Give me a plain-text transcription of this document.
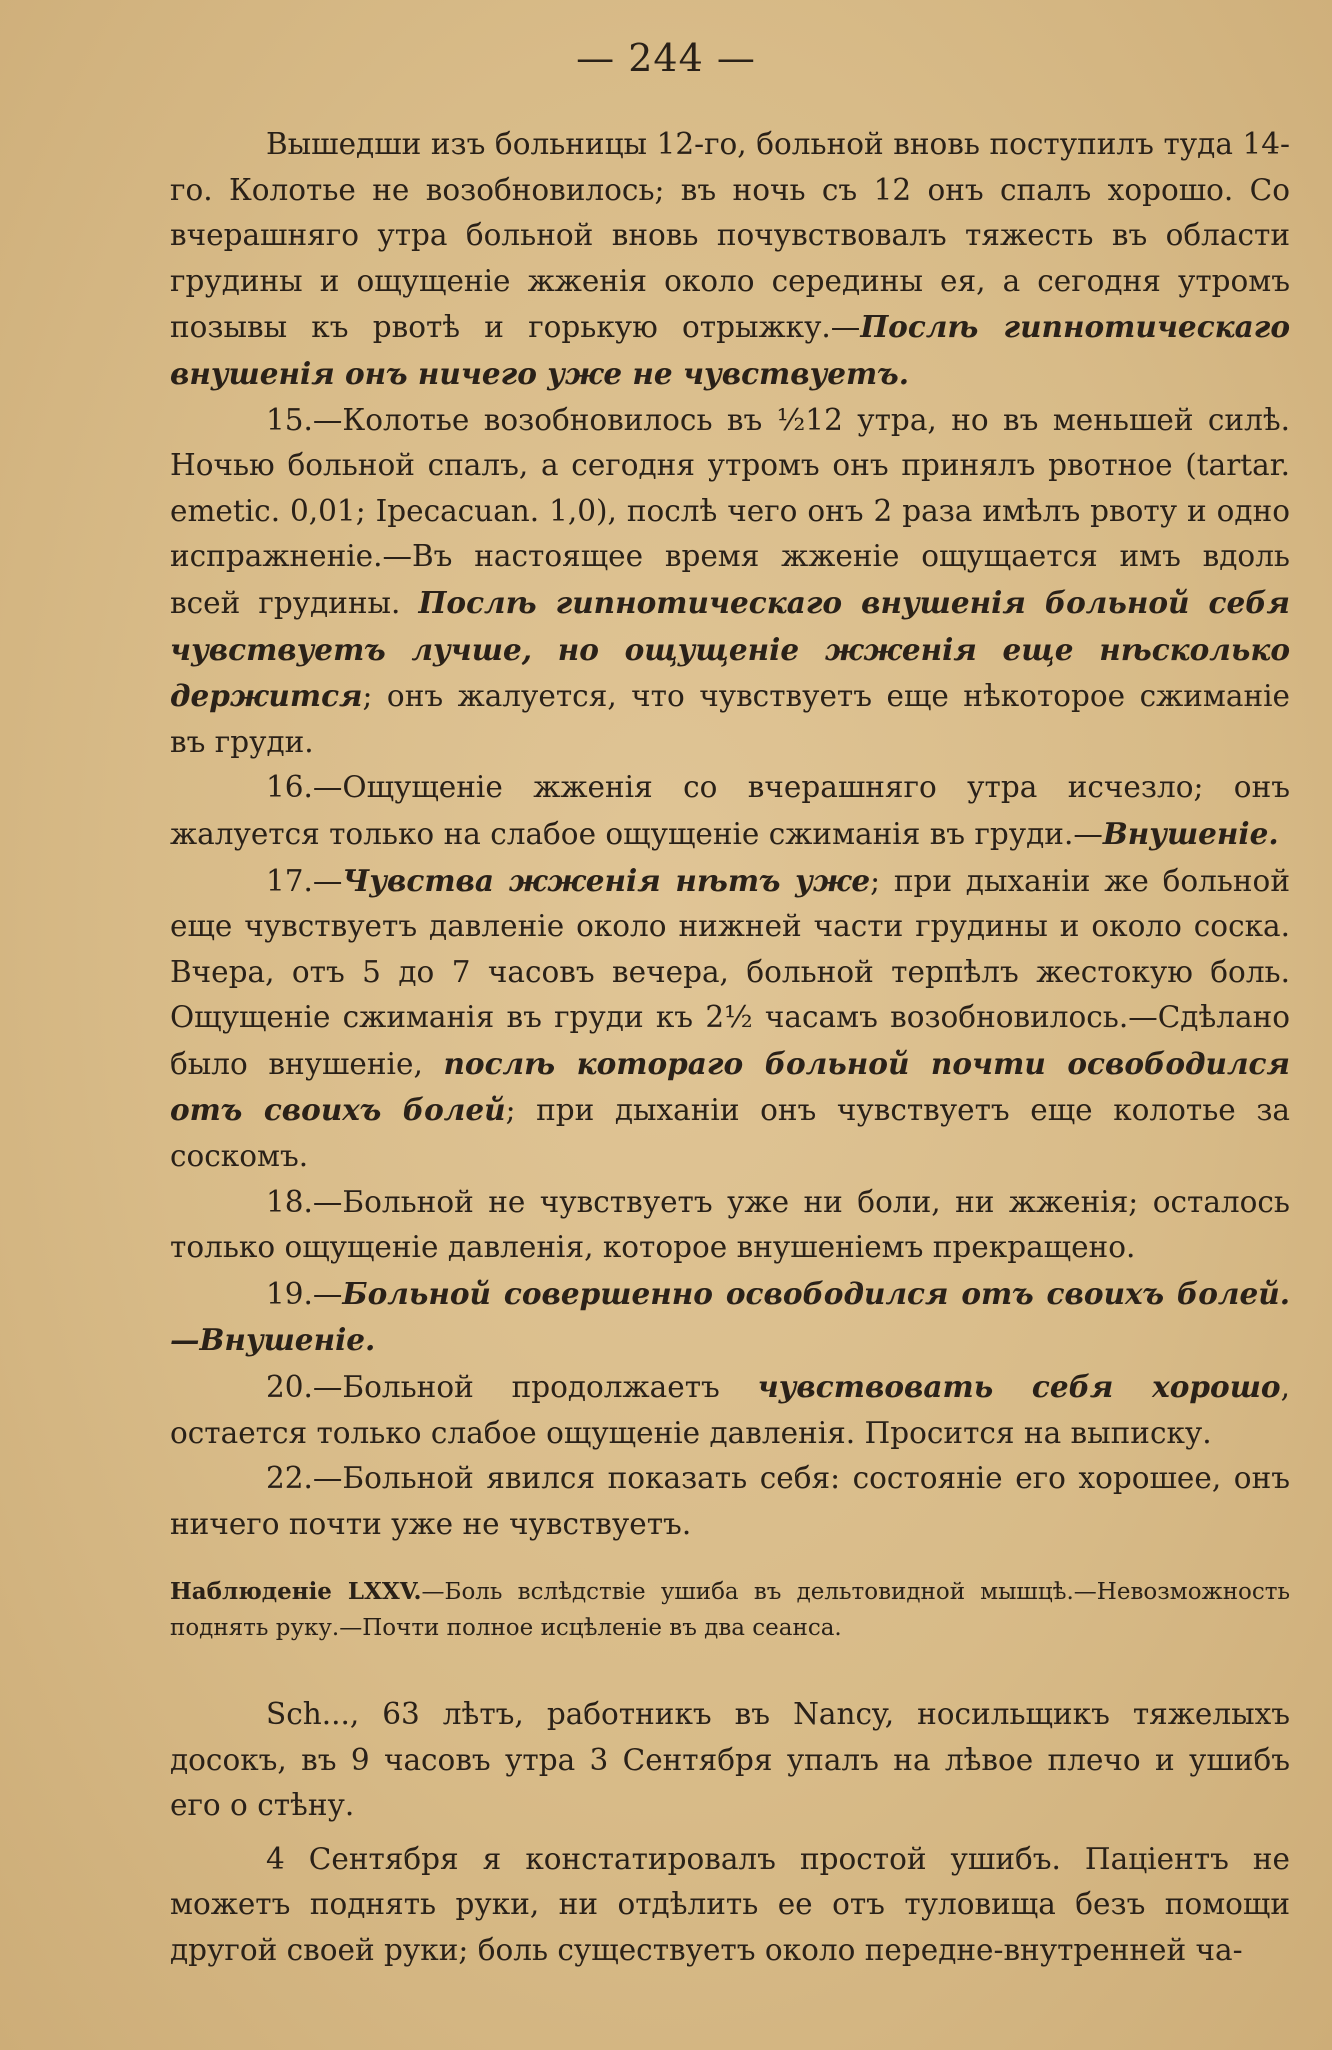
— 244 —

Вышедши изъ больницы 12-го, больной вновь поступилъ туда 14-го. Колотье не возобновилось; въ ночь съ 12 онъ спалъ хорошо. Со вчерашняго утра больной вновь почувствовалъ тяжесть въ области грудины и ощущеніе жженія около середины ея, а сегодня утромъ позывы къ рвотѣ и горькую отрыжку.—Послѣ гипнотическаго внушенія онъ ничего уже не чувствуетъ.

15.—Колотье возобновилось въ ½12 утра, но въ меньшей силѣ. Ночью больной спалъ, а сегодня утромъ онъ принялъ рвотное (tartar. emetic. 0,01; Ipecacuan. 1,0), послѣ чего онъ 2 раза имѣлъ рвоту и одно испражненіе.—Въ настоящее время жженіе ощущается имъ вдоль всей грудины. Послѣ гипнотическаго внушенія больной себя чувствуетъ лучше, но ощущеніе жженія еще нѣсколько держится; онъ жалуется, что чувствуетъ еще нѣкоторое сжиманіе въ груди.

16.—Ощущеніе жженія со вчерашняго утра исчезло; онъ жалуется только на слабое ощущеніе сжиманія въ груди.—Внушеніе.

17.—Чувства жженія нѣтъ уже; при дыханіи же больной еще чувствуетъ давленіе около нижней части грудины и около соска. Вчера, отъ 5 до 7 часовъ вечера, больной терпѣлъ жестокую боль. Ощущеніе сжиманія въ груди къ 2½ часамъ возобновилось.—Сдѣлано было внушеніе, послѣ котораго больной почти освободился отъ своихъ болей; при дыханіи онъ чувствуетъ еще колотье за соскомъ.

18.—Больной не чувствуетъ уже ни боли, ни жженія; осталось только ощущеніе давленія, которое внушеніемъ прекращено.

19.—Больной совершенно освободился отъ своихъ болей.—Внушеніе.

20.—Больной продолжаетъ чувствовать себя хорошо, остается только слабое ощущеніе давленія. Просится на выписку.

22.—Больной явился показать себя: состояніе его хорошее, онъ ничего почти уже не чувствуетъ.

Наблюденіе LXXV.—Боль вслѣдствіе ушиба въ дельтовидной мышцѣ.—Невозможность поднять руку.—Почти полное исцѣленіе въ два сеанса.

Sch..., 63 лѣтъ, работникъ въ Nancy, носильщикъ тяжелыхъ досокъ, въ 9 часовъ утра 3 Сентября упалъ на лѣвое плечо и ушибъ его о стѣну.

4 Сентября я констатировалъ простой ушибъ. Паціентъ не можетъ поднять руки, ни отдѣлить ее отъ туловища безъ помощи другой своей руки; боль существуетъ около передне-внутренней ча-
